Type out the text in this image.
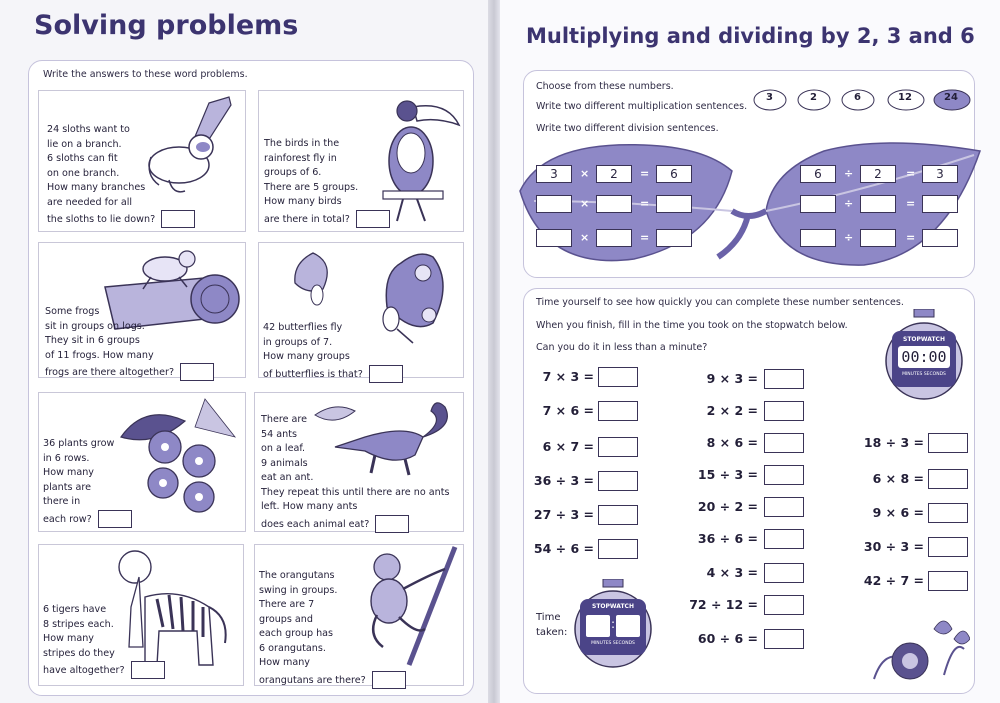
Solving problems
Write the answers to these word problems.
24 sloths want to
lie on a branch.
6 sloths can fit
on one branch.
How many branches
are needed for all
the sloths to lie down?
The birds in the
rainforest fly in
groups of 6.
There are 5 groups.
How many birds
are there in total?
Some frogs
sit in groups on logs.
They sit in 6 groups
of 11 frogs. How many
frogs are there altogether?
42 butterflies fly
in groups of 7.
How many groups
of butterflies is that?
36 plants grow
in 6 rows.
How many
plants are
there in
each row?
There are
54 ants
on a leaf.
9 animals
eat an ant.
They repeat this until there are no ants
left. How many ants
does each animal eat?
6 tigers have
8 stripes each.
How many
stripes do they
have altogether?
The orangutans
swing in groups.
There are 7
groups and
each group has
6 orangutans.
How many
orangutans are there?
Multiplying and dividing by 2, 3 and 6
Choose from these numbers.
Write two different multiplication sentences.
Write two different division sentences.
3	2	6	12	24
3	×	2	=	6
×	=
×	=
6	÷	2	=	3
÷	=
÷	=
Time yourself to see how quickly you can complete these number sentences.
When you finish, fill in the time you took on the stopwatch below.
Can you do it in less than a minute?
STOPWATCH
00:00
MINUTES SECONDS
7 × 3 =
7 × 6 =
6 × 7 =
36 ÷ 3 =
27 ÷ 3 =
54 ÷ 6 =
9 × 3 =
2 × 2 =
8 × 6 =
15 ÷ 3 =
20 ÷ 2 =
36 ÷ 6 =
4 × 3 =
72 ÷ 12 =
60 ÷ 6 =
18 ÷ 3 =
6 × 8 =
9 × 6 =
30 ÷ 3 =
42 ÷ 7 =
Time
taken:
STOPWATCH
:
MINUTES SECONDS
